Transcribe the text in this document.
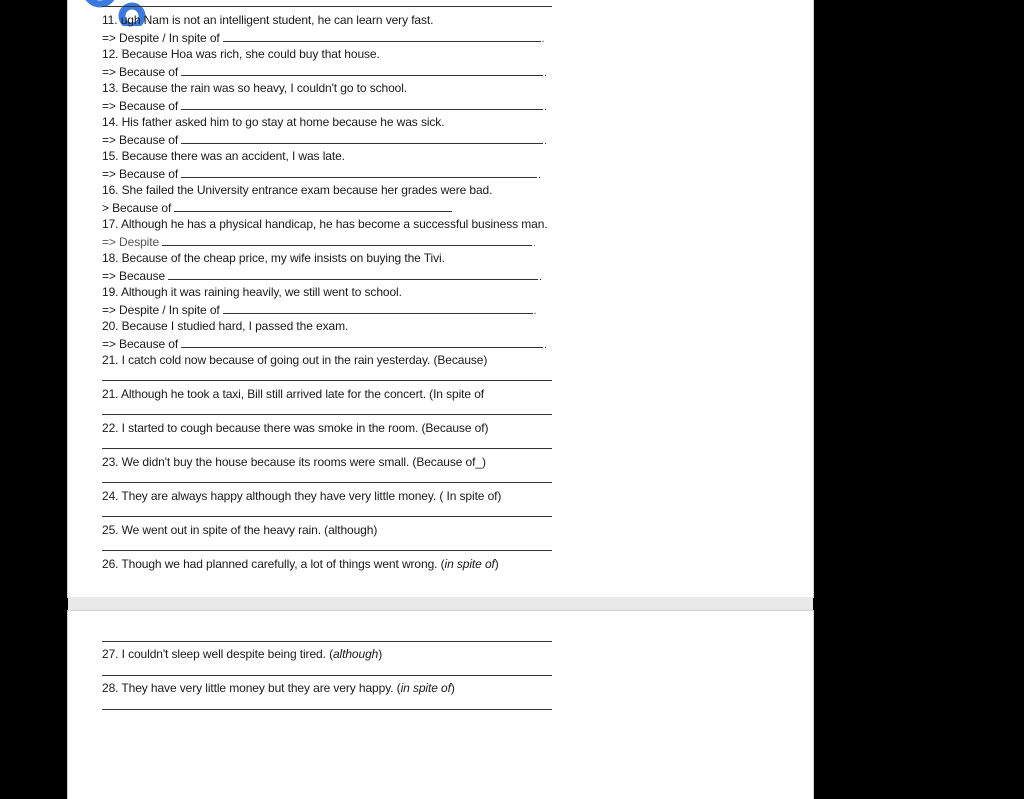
11. ugh Nam is not an intelligent student, he can learn very fast.
=> Despite / In spite of	.
12. Because Hoa was rich, she could buy that house.
=> Because of	.
13. Because the rain was so heavy, I couldn't go to school.
=> Because of	.
14. His father asked him to go stay at home because he was sick.
=> Because of	.
15. Because there was an accident, I was late.
=> Because of	.
16. She failed the University entrance exam because her grades were bad.
> Because of
17. Although he has a physical handicap, he has become a successful business man.
=> Despite	.
18. Because of the cheap price, my wife insists on buying the Tivi.
=> Because	.
19. Although it was raining heavily, we still went to school.
=> Despite / In spite of	.
20. Because I studied hard, I passed the exam.
=> Because of	.
21. I catch cold now because of going out in the rain yesterday. (Because)
21. Although he took a taxi, Bill still arrived late for the concert. (In spite of
22. I started to cough because there was smoke in the room. (Because of)
23. We didn't buy the house because its rooms were small. (Because of_)
24. They are always happy although they have very little money. ( In spite of)
25. We went out in spite of the heavy rain. (although)
26. Though we had planned carefully, a lot of things went wrong. (in spite of)
27. I couldn't sleep well despite being tired. (although)
28. They have very little money but they are very happy. (in spite of)
